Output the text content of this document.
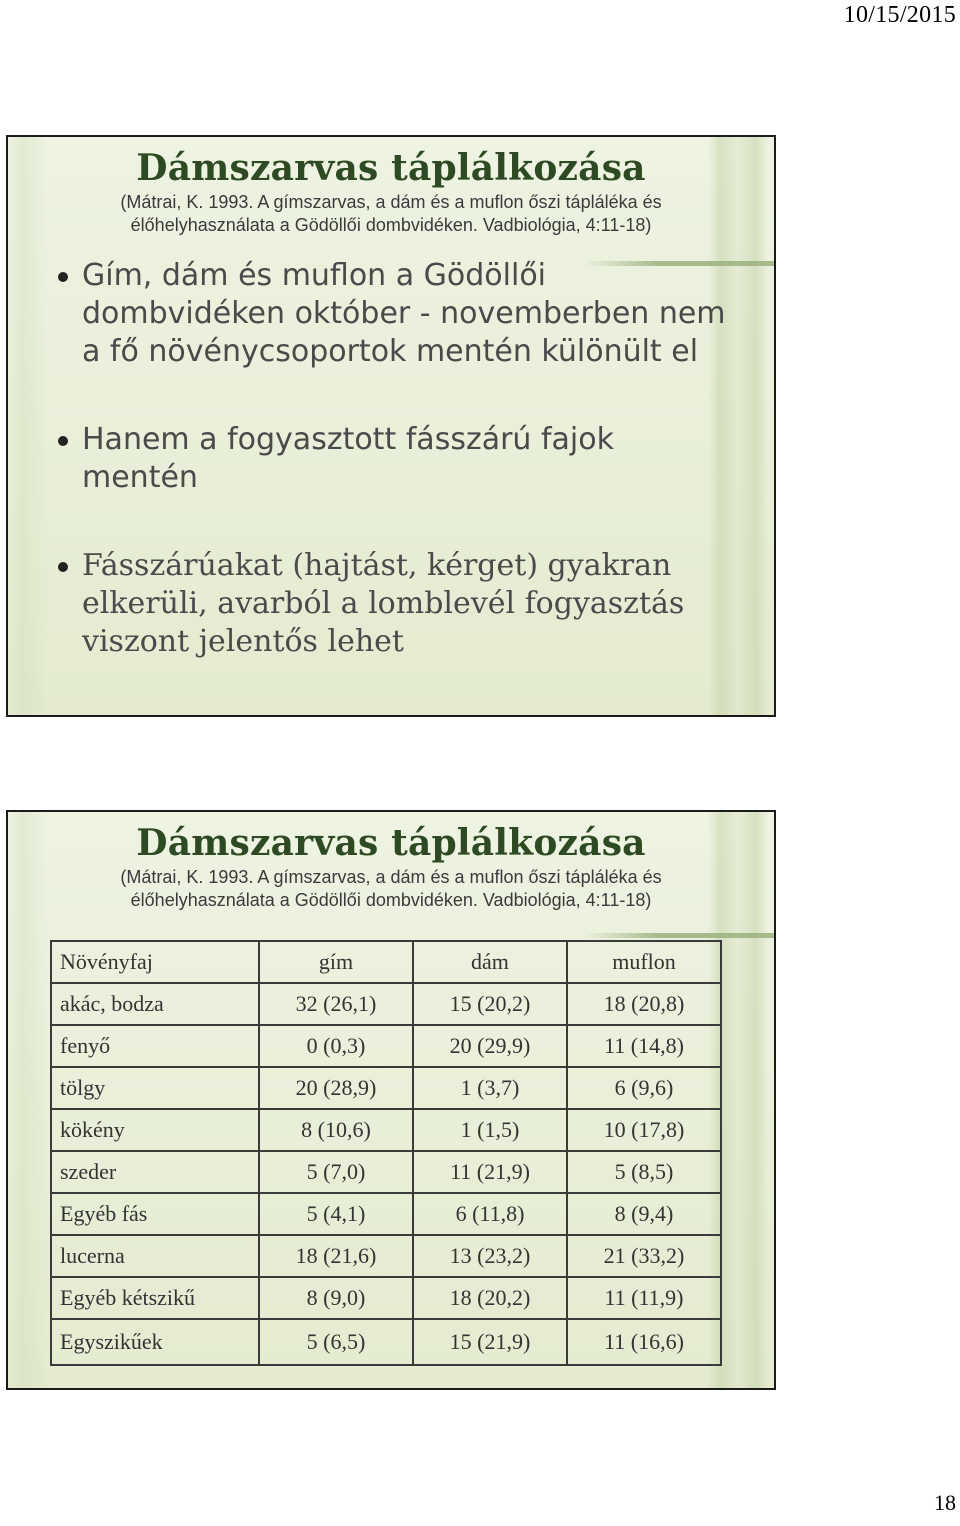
10/15/2015
Dámszarvas táplálkozása
(Mátrai, K. 1993. A gímszarvas, a dám és a muflon őszi tápláléka és
élőhelyhasználata a Gödöllői dombvidéken. Vadbiológia, 4:11-18)
Gím, dám és muflon a Gödöllői dombvidéken október - novemberben nem a fő növénycsoportok mentén különült el
Hanem a fogyasztott fásszárú fajok mentén
Fásszárúakat (hajtást, kérget) gyakran elkerüli, avarból a lomblevél fogyasztás viszont jelentős lehet
Dámszarvas táplálkozása
(Mátrai, K. 1993. A gímszarvas, a dám és a muflon őszi tápláléka és
élőhelyhasználata a Gödöllői dombvidéken. Vadbiológia, 4:11-18)
Növényfaj	gím	dám	muflon
akác, bodza	32 (26,1)	15 (20,2)	18 (20,8)
fenyő	0 (0,3)	20 (29,9)	11 (14,8)
tölgy	20 (28,9)	1 (3,7)	6 (9,6)
kökény	8 (10,6)	1 (1,5)	10 (17,8)
szeder	5 (7,0)	11 (21,9)	5 (8,5)
Egyéb fás	5 (4,1)	6 (11,8)	8 (9,4)
lucerna	18 (21,6)	13 (23,2)	21 (33,2)
Egyéb kétszikű	8 (9,0)	18 (20,2)	11 (11,9)
Egyszikűek	5 (6,5)	15 (21,9)	11 (16,6)
18
